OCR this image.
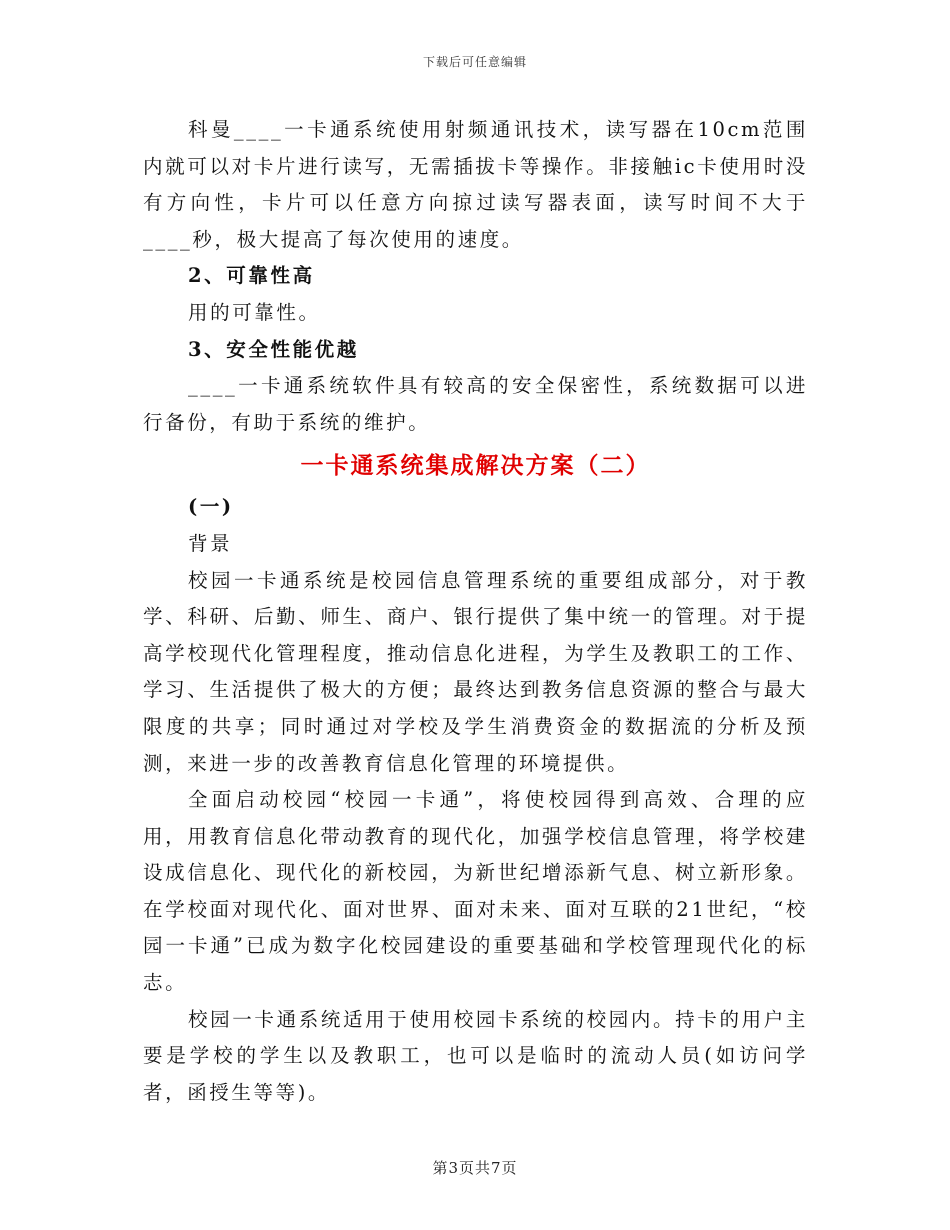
下载后可任意编辑

科曼____一卡通系统使用射频通讯技术，读写器在10cm范围内就可以对卡片进行读写，无需插拔卡等操作。非接触ic卡使用时没有方向性，卡片可以任意方向掠过读写器表面，读写时间不大于____秒，极大提高了每次使用的速度。

2、可靠性高

用的可靠性。

3、安全性能优越

____一卡通系统软件具有较高的安全保密性，系统数据可以进行备份，有助于系统的维护。

一卡通系统集成解决方案（二）

(一)

背景

校园一卡通系统是校园信息管理系统的重要组成部分，对于教学、科研、后勤、师生、商户、银行提供了集中统一的管理。对于提高学校现代化管理程度，推动信息化进程，为学生及教职工的工作、学习、生活提供了极大的方便；最终达到教务信息资源的整合与最大限度的共享；同时通过对学校及学生消费资金的数据流的分析及预测，来进一步的改善教育信息化管理的环境提供。

全面启动校园“校园一卡通”，将使校园得到高效、合理的应用，用教育信息化带动教育的现代化，加强学校信息管理，将学校建设成信息化、现代化的新校园，为新世纪增添新气息、树立新形象。在学校面对现代化、面对世界、面对未来、面对互联的21世纪，“校园一卡通”已成为数字化校园建设的重要基础和学校管理现代化的标志。

校园一卡通系统适用于使用校园卡系统的校园内。持卡的用户主要是学校的学生以及教职工，也可以是临时的流动人员(如访问学者，函授生等等)。

第3页共7页
